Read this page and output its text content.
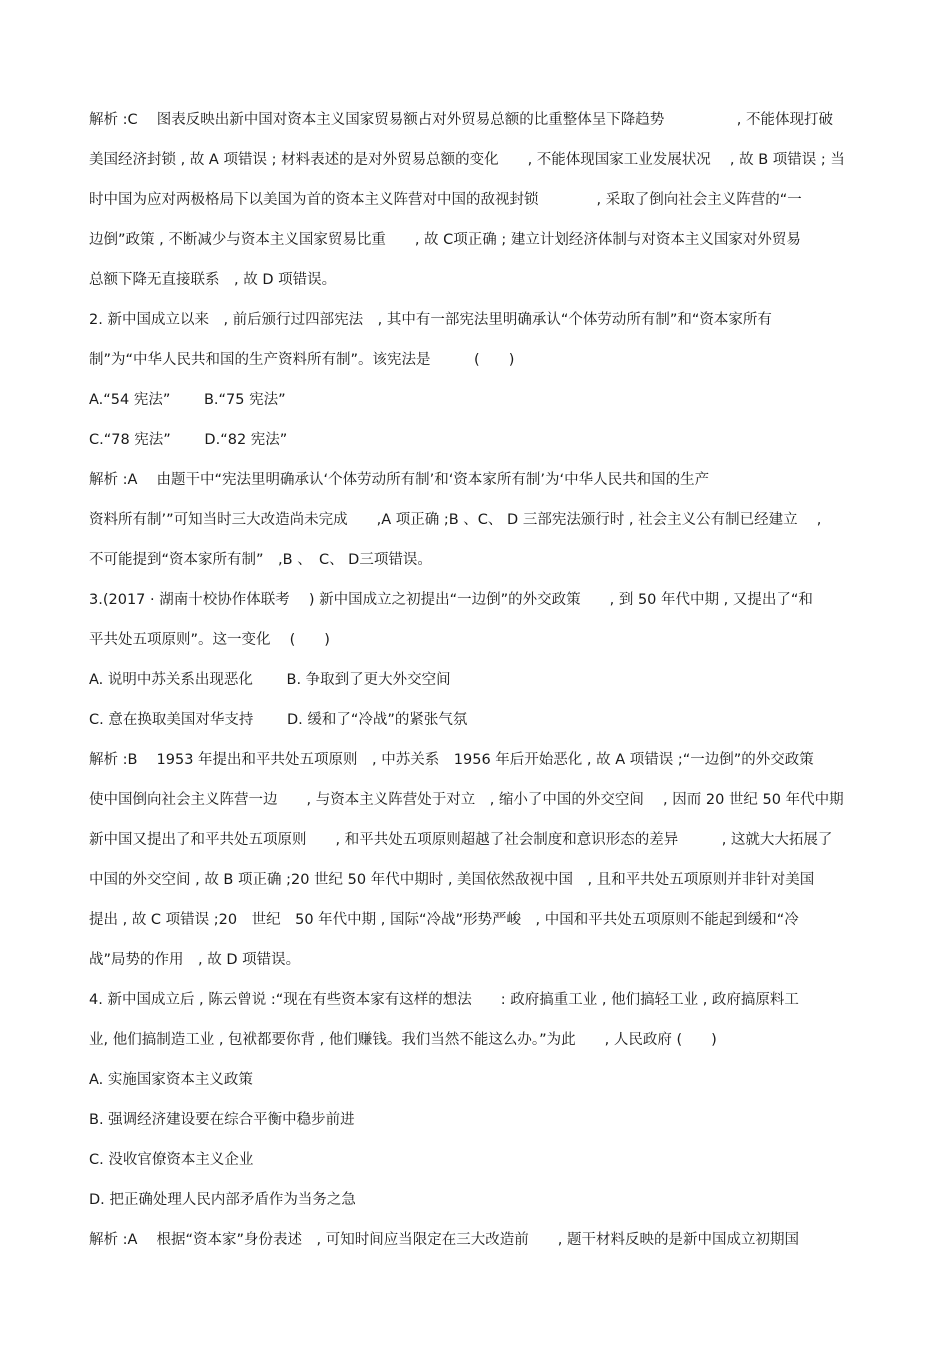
解析 :C　 图表反映出新中国对资本主义国家贸易额占对外贸易总额的比重整体呈下降趋势　　　　　, 不能体现打破
美国经济封锁 , 故 A 项错误 ; 材料表述的是对外贸易总额的变化　　, 不能体现国家工业发展状况　 , 故 B 项错误 ; 当
时中国为应对两极格局下以美国为首的资本主义阵营对中国的敌视封锁　　　　, 采取了倒向社会主义阵营的“一
边倒”政策 , 不断减少与资本主义国家贸易比重　　, 故 C项正确 ; 建立计划经济体制与对资本主义国家对外贸易
总额下降无直接联系　, 故 D 项错误。
2. 新中国成立以来　, 前后颁行过四部宪法　, 其中有一部宪法里明确承认“个体劳动所有制”和“资本家所有
制”为“中华人民共和国的生产资料所有制”。该宪法是　　　(　　)
A.“54 宪法”　　 B.“75 宪法”
C.“78 宪法”　　 D.“82 宪法”
解析 :A　 由题干中“宪法里明确承认‘个体劳动所有制’和‘资本家所有制’为‘中华人民共和国的生产
资料所有制’”可知当时三大改造尚未完成　　,A 项正确 ;B 、C、 D 三部宪法颁行时 , 社会主义公有制已经建立　 ,
不可能提到“资本家所有制”　,B 、　C、 D三项错误。
3.(2017 · 湖南十校协作体联考　 ) 新中国成立之初提出“一边倒”的外交政策　　, 到 50 年代中期 , 又提出了“和
平共处五项原则”。这一变化　 (　　)
A. 说明中苏关系出现恶化　　 B. 争取到了更大外交空间
C. 意在换取美国对华支持　　 D. 缓和了“冷战”的紧张气氛
解析 :B　 1953 年提出和平共处五项原则　, 中苏关系　1956 年后开始恶化 , 故 A 项错误 ;“一边倒”的外交政策
使中国倒向社会主义阵营一边　　, 与资本主义阵营处于对立　, 缩小了中国的外交空间　 , 因而 20 世纪 50 年代中期
新中国又提出了和平共处五项原则　　, 和平共处五项原则超越了社会制度和意识形态的差异　　　, 这就大大拓展了
中国的外交空间 , 故 B 项正确 ;20 世纪 50 年代中期时 , 美国依然敌视中国　, 且和平共处五项原则并非针对美国
提出 , 故 C 项错误 ;20　世纪　50 年代中期 , 国际“冷战”形势严峻　, 中国和平共处五项原则不能起到缓和“冷
战”局势的作用　, 故 D 项错误。
4. 新中国成立后 , 陈云曾说 :“现在有些资本家有这样的想法　　: 政府搞重工业 , 他们搞轻工业 , 政府搞原料工
业, 他们搞制造工业 , 包袱都要你背 , 他们赚钱。我们当然不能这么办。”为此　　, 人民政府 (　　)
A. 实施国家资本主义政策
B. 强调经济建设要在综合平衡中稳步前进
C. 没收官僚资本主义企业
D. 把正确处理人民内部矛盾作为当务之急
解析 :A　 根据“资本家”身份表述　, 可知时间应当限定在三大改造前　　, 题干材料反映的是新中国成立初期国
